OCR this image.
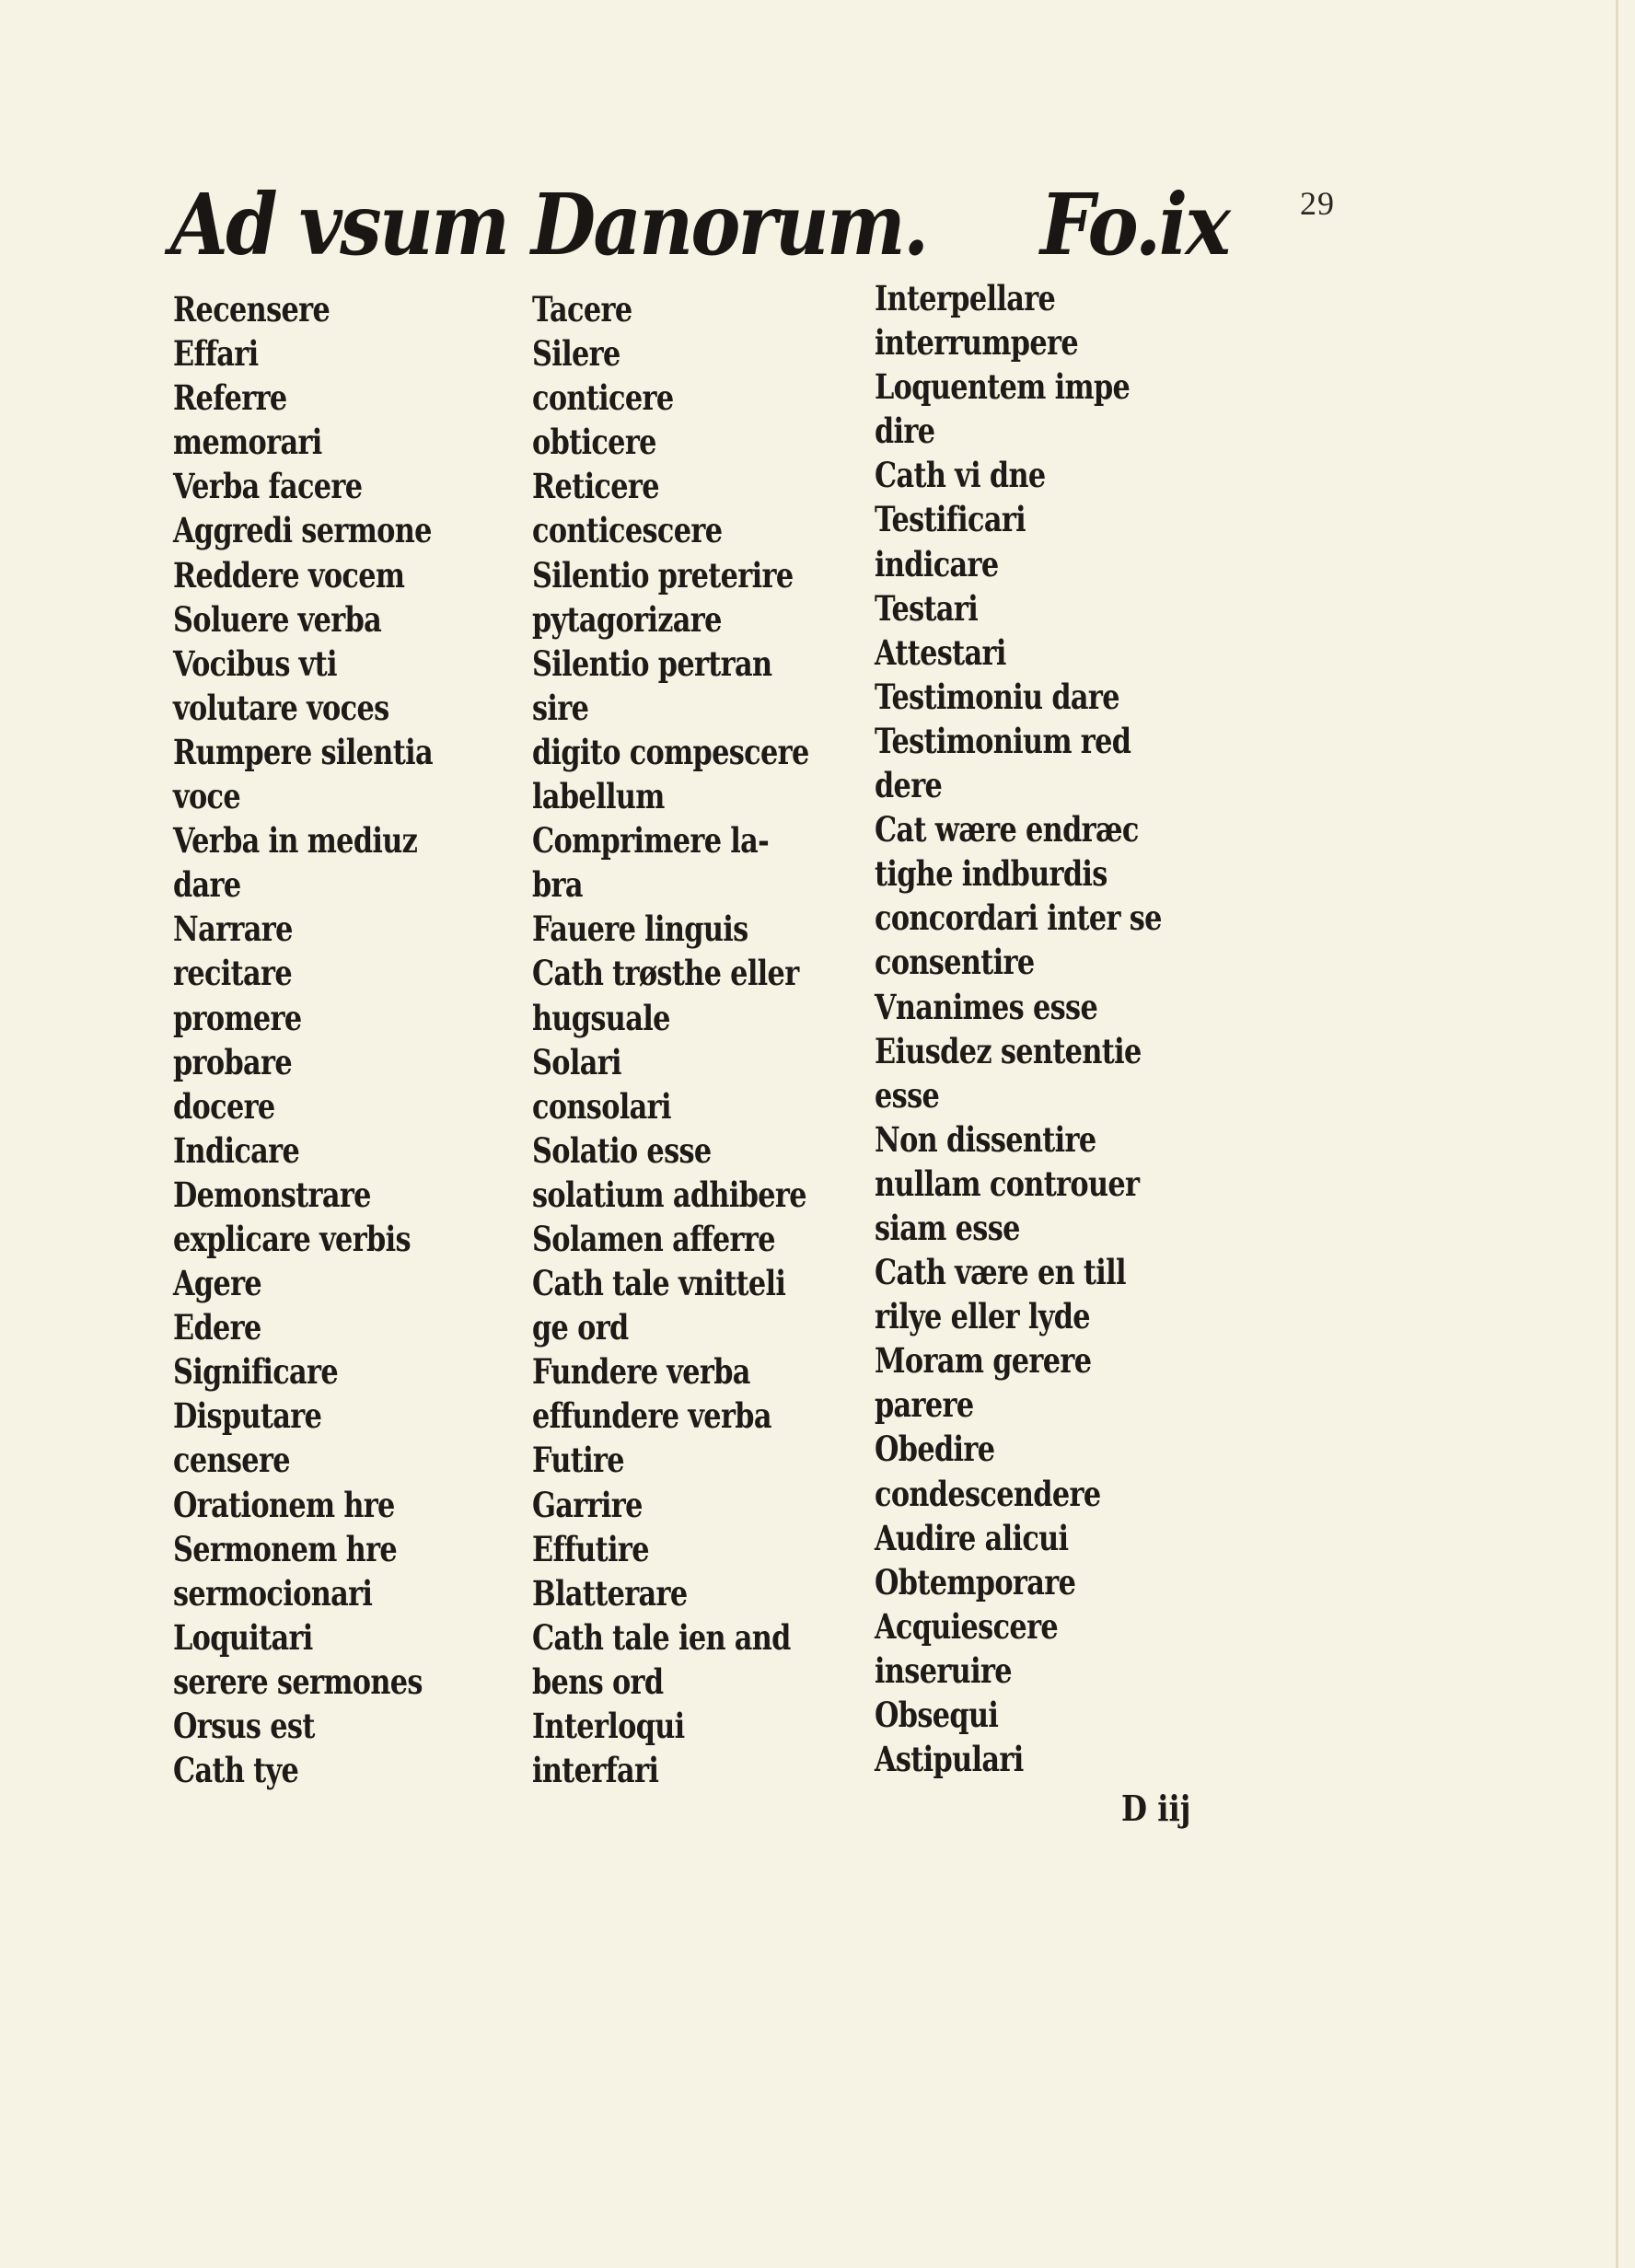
29
Ad vsum Danorum. Fo.ix
Recensere
Effari
Referre
memorari
Verba facere
Aggredi sermone
Reddere vocem
Soluere verba
Vocibus vti
volutare voces
Rumpere silentia
voce
Verba in mediuz
dare
Narrare
recitare
promere
probare
docere
Indicare
Demonstrare
explicare verbis
Agere
Edere
Significare
Disputare
censere
Orationem hre
Sermonem hre
sermocionari
Loquitari
serere sermones
Orsus est
Cath tye
Tacere
Silere
conticere
obticere
Reticere
conticescere
Silentio preterire
pytagorizare
Silentio pertran
sire
digito compescere
labellum
Comprimere la-
bra
Fauere linguis
Cath trøsthe eller
hugsuale
Solari
consolari
Solatio esse
solatium adhibere
Solamen afferre
Cath tale vnitteli
ge ord
Fundere verba
effundere verba
Futire
Garrire
Effutire
Blatterare
Cath tale ien and
bens ord
Interloqui
interfari
Interpellare
interrumpere
Loquentem impe
dire
Cath vi dne
Testificari
indicare
Testari
Attestari
Testimoniu dare
Testimonium red
dere
Cat wære endræc
tighe indburdis
concordari inter se
consentire
Vnanimes esse
Eiusdez sententie
esse
Non dissentire
nullam controuer
siam esse
Cath være en till
rilye eller lyde
Moram gerere
parere
Obedire
condescendere
Audire alicui
Obtemporare
Acquiescere
inseruire
Obsequi
Astipulari
D iij
